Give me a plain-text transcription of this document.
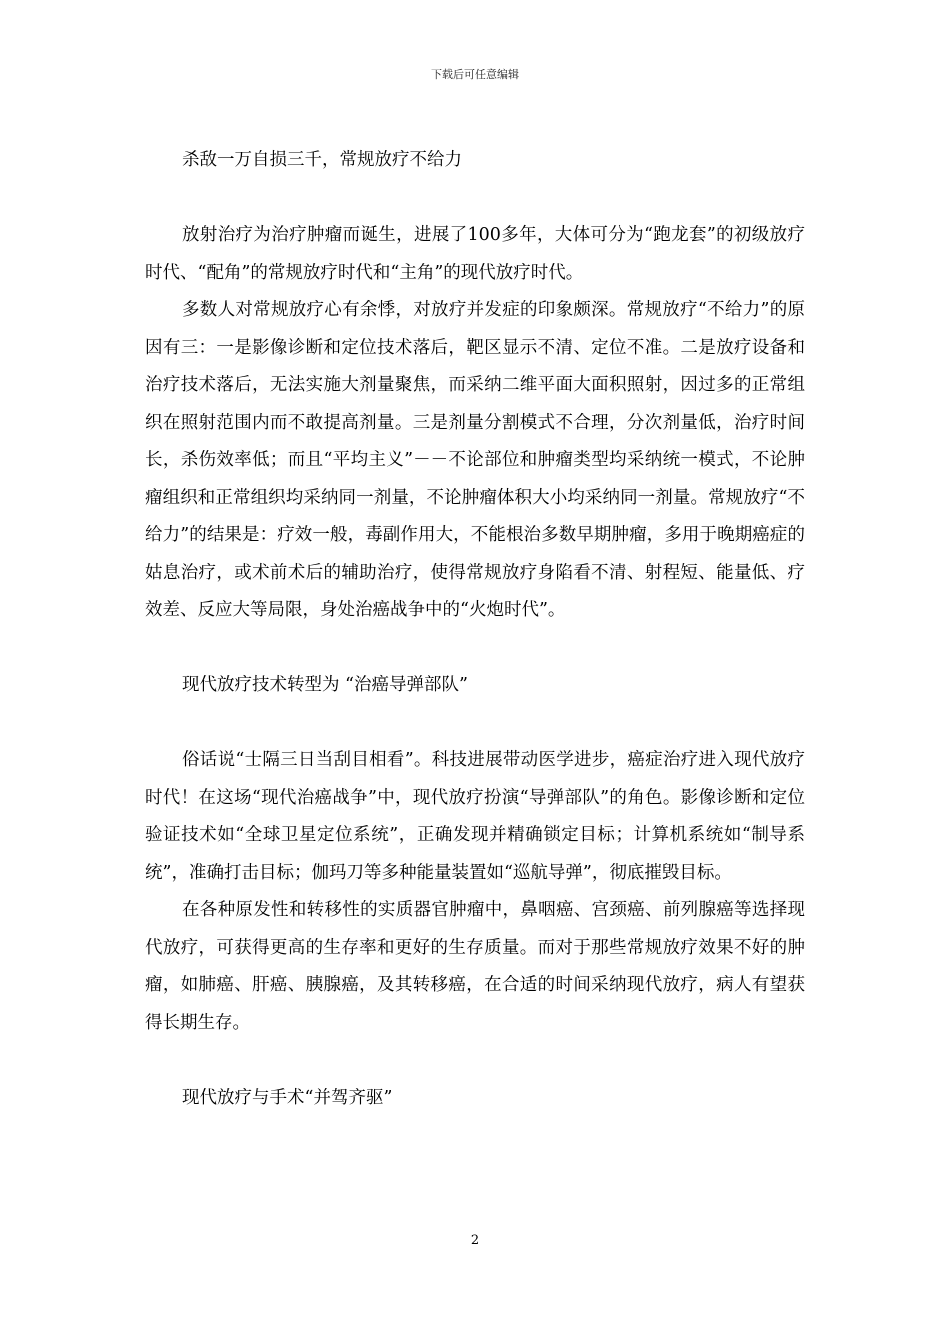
下载后可任意编辑
杀敌一万自损三千，常规放疗不给力

放射治疗为治疗肿瘤而诞生，进展了100多年，大体可分为“跑龙套”的初级放疗时代、“配角”的常规放疗时代和“主角”的现代放疗时代。

多数人对常规放疗心有余悸，对放疗并发症的印象颇深。常规放疗“不给力”的原因有三：一是影像诊断和定位技术落后，靶区显示不清、定位不准。二是放疗设备和治疗技术落后，无法实施大剂量聚焦，而采纳二维平面大面积照射，因过多的正常组织在照射范围内而不敢提高剂量。三是剂量分割模式不合理，分次剂量低，治疗时间长，杀伤效率低；而且“平均主义”－－不论部位和肿瘤类型均采纳统一模式，不论肿瘤组织和正常组织均采纳同一剂量，不论肿瘤体积大小均采纳同一剂量。常规放疗“不给力”的结果是：疗效一般，毒副作用大，不能根治多数早期肿瘤，多用于晚期癌症的姑息治疗，或术前术后的辅助治疗，使得常规放疗身陷看不清、射程短、能量低、疗效差、反应大等局限，身处治癌战争中的“火炮时代”。

现代放疗技术转型为 “治癌导弹部队”

俗话说“士隔三日当刮目相看”。科技进展带动医学进步，癌症治疗进入现代放疗时代！在这场“现代治癌战争”中，现代放疗扮演“导弹部队”的角色。影像诊断和定位验证技术如“全球卫星定位系统”，正确发现并精确锁定目标；计算机系统如“制导系统”，准确打击目标；伽玛刀等多种能量装置如“巡航导弹”，彻底摧毁目标。

在各种原发性和转移性的实质器官肿瘤中，鼻咽癌、宫颈癌、前列腺癌等选择现代放疗，可获得更高的生存率和更好的生存质量。而对于那些常规放疗效果不好的肿瘤，如肺癌、肝癌、胰腺癌，及其转移癌，在合适的时间采纳现代放疗，病人有望获得长期生存。

现代放疗与手术“并驾齐驱”
2
